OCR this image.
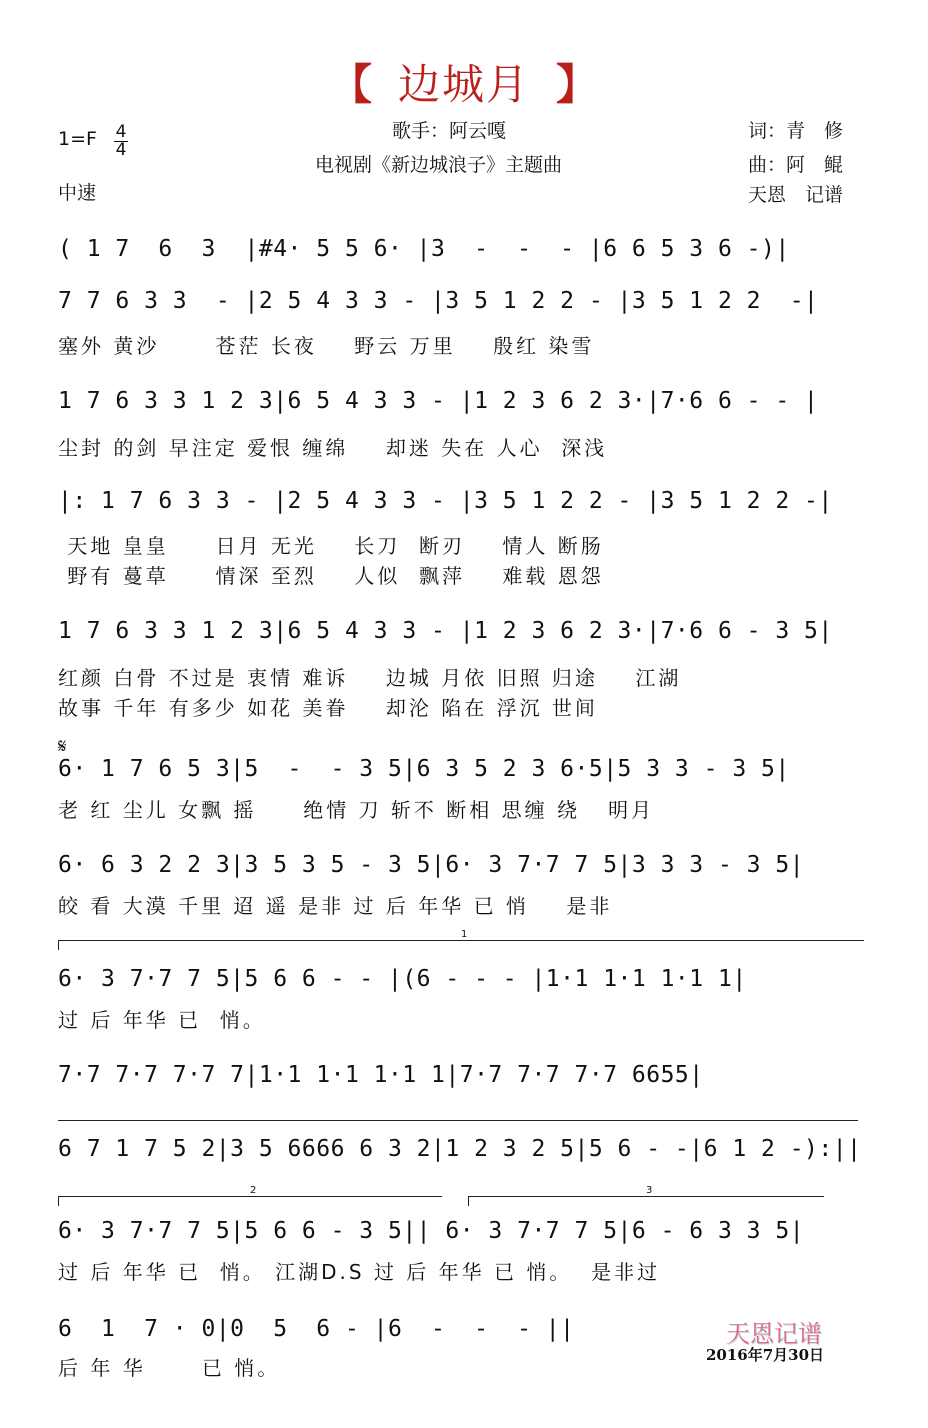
【 边城月 】
1=F 4
4
中速
歌手：阿云嘎
电视剧《新边城浪子》主题曲
词：青　修
曲：阿　鲲
天恩　记谱
( 1 7  6  3  |#4· 5 5 6· |3  -  -  - |6 6 5 3 6 -)|
7 7 6 3 3  - |2 5 4 3 3 - |3 5 1 2 2 - |3 5 1 2 2  -|
塞外 黄沙      苍茫 长夜    野云 万里    殷红 染雪
1 7 6 3 3 1 2 3|6 5 4 3 3 - |1 2 3 6 2 3·|7·6 6 - - |
尘封 的剑 早注定 爱恨 缠绵    却迷 失在 人心  深浅
|: 1 7 6 3 3 - |2 5 4 3 3 - |3 5 1 2 2 - |3 5 1 2 2 -|
天地 皇皇     日月 无光    长刀  断刃    情人 断肠
野有 蔓草     情深 至烈    人似  飘萍    难载 恩怨
1 7 6 3 3 1 2 3|6 5 4 3 3 - |1 2 3 6 2 3·|7·6 6 - 3 5|
红颜 白骨 不过是 衷情 难诉    边城 月依 旧照 归途    江湖
故事 千年 有多少 如花 美眷    却沦 陷在 浮沉 世间
𝄋
6· 1 7 6 5 3|5  -  - 3 5|6 3 5 2 3 6·5|5 3 3 - 3 5|
老 红 尘儿 女飘 摇     绝情 刀 斩不 断相 思缠 绕   明月
6· 6 3 2 2 3|3 5 3 5 - 3 5|6· 3 7·7 7 5|3 3 3 - 3 5|
皎 看 大漠 千里 迢 遥 是非 过 后 年华 已 悄    是非
1
6· 3 7·7 7 5|5 6 6 - - |(6 - - - |1·1 1·1 1·1 1|
过 后 年华 已  悄。
7·7 7·7 7·7 7|1·1 1·1 1·1 1|7·7 7·7 7·7 6655|
6 7 1 7 5 2|3 5 6666 6 3 2|1 2 3 2 5|5 6 - -|6 1 2 -):||
2	3
6· 3 7·7 7 5|5 6 6 - 3 5|| 6· 3 7·7 7 5|6 - 6 3 3 5|
过 后 年华 已  悄。 江湖D.S 过 后 年华 已 悄。  是非过
6  1  7 · 0|0  5  6 - |6  -  -  - ||
后 年 华      已 悄。
天恩记谱
2016年7月30日
